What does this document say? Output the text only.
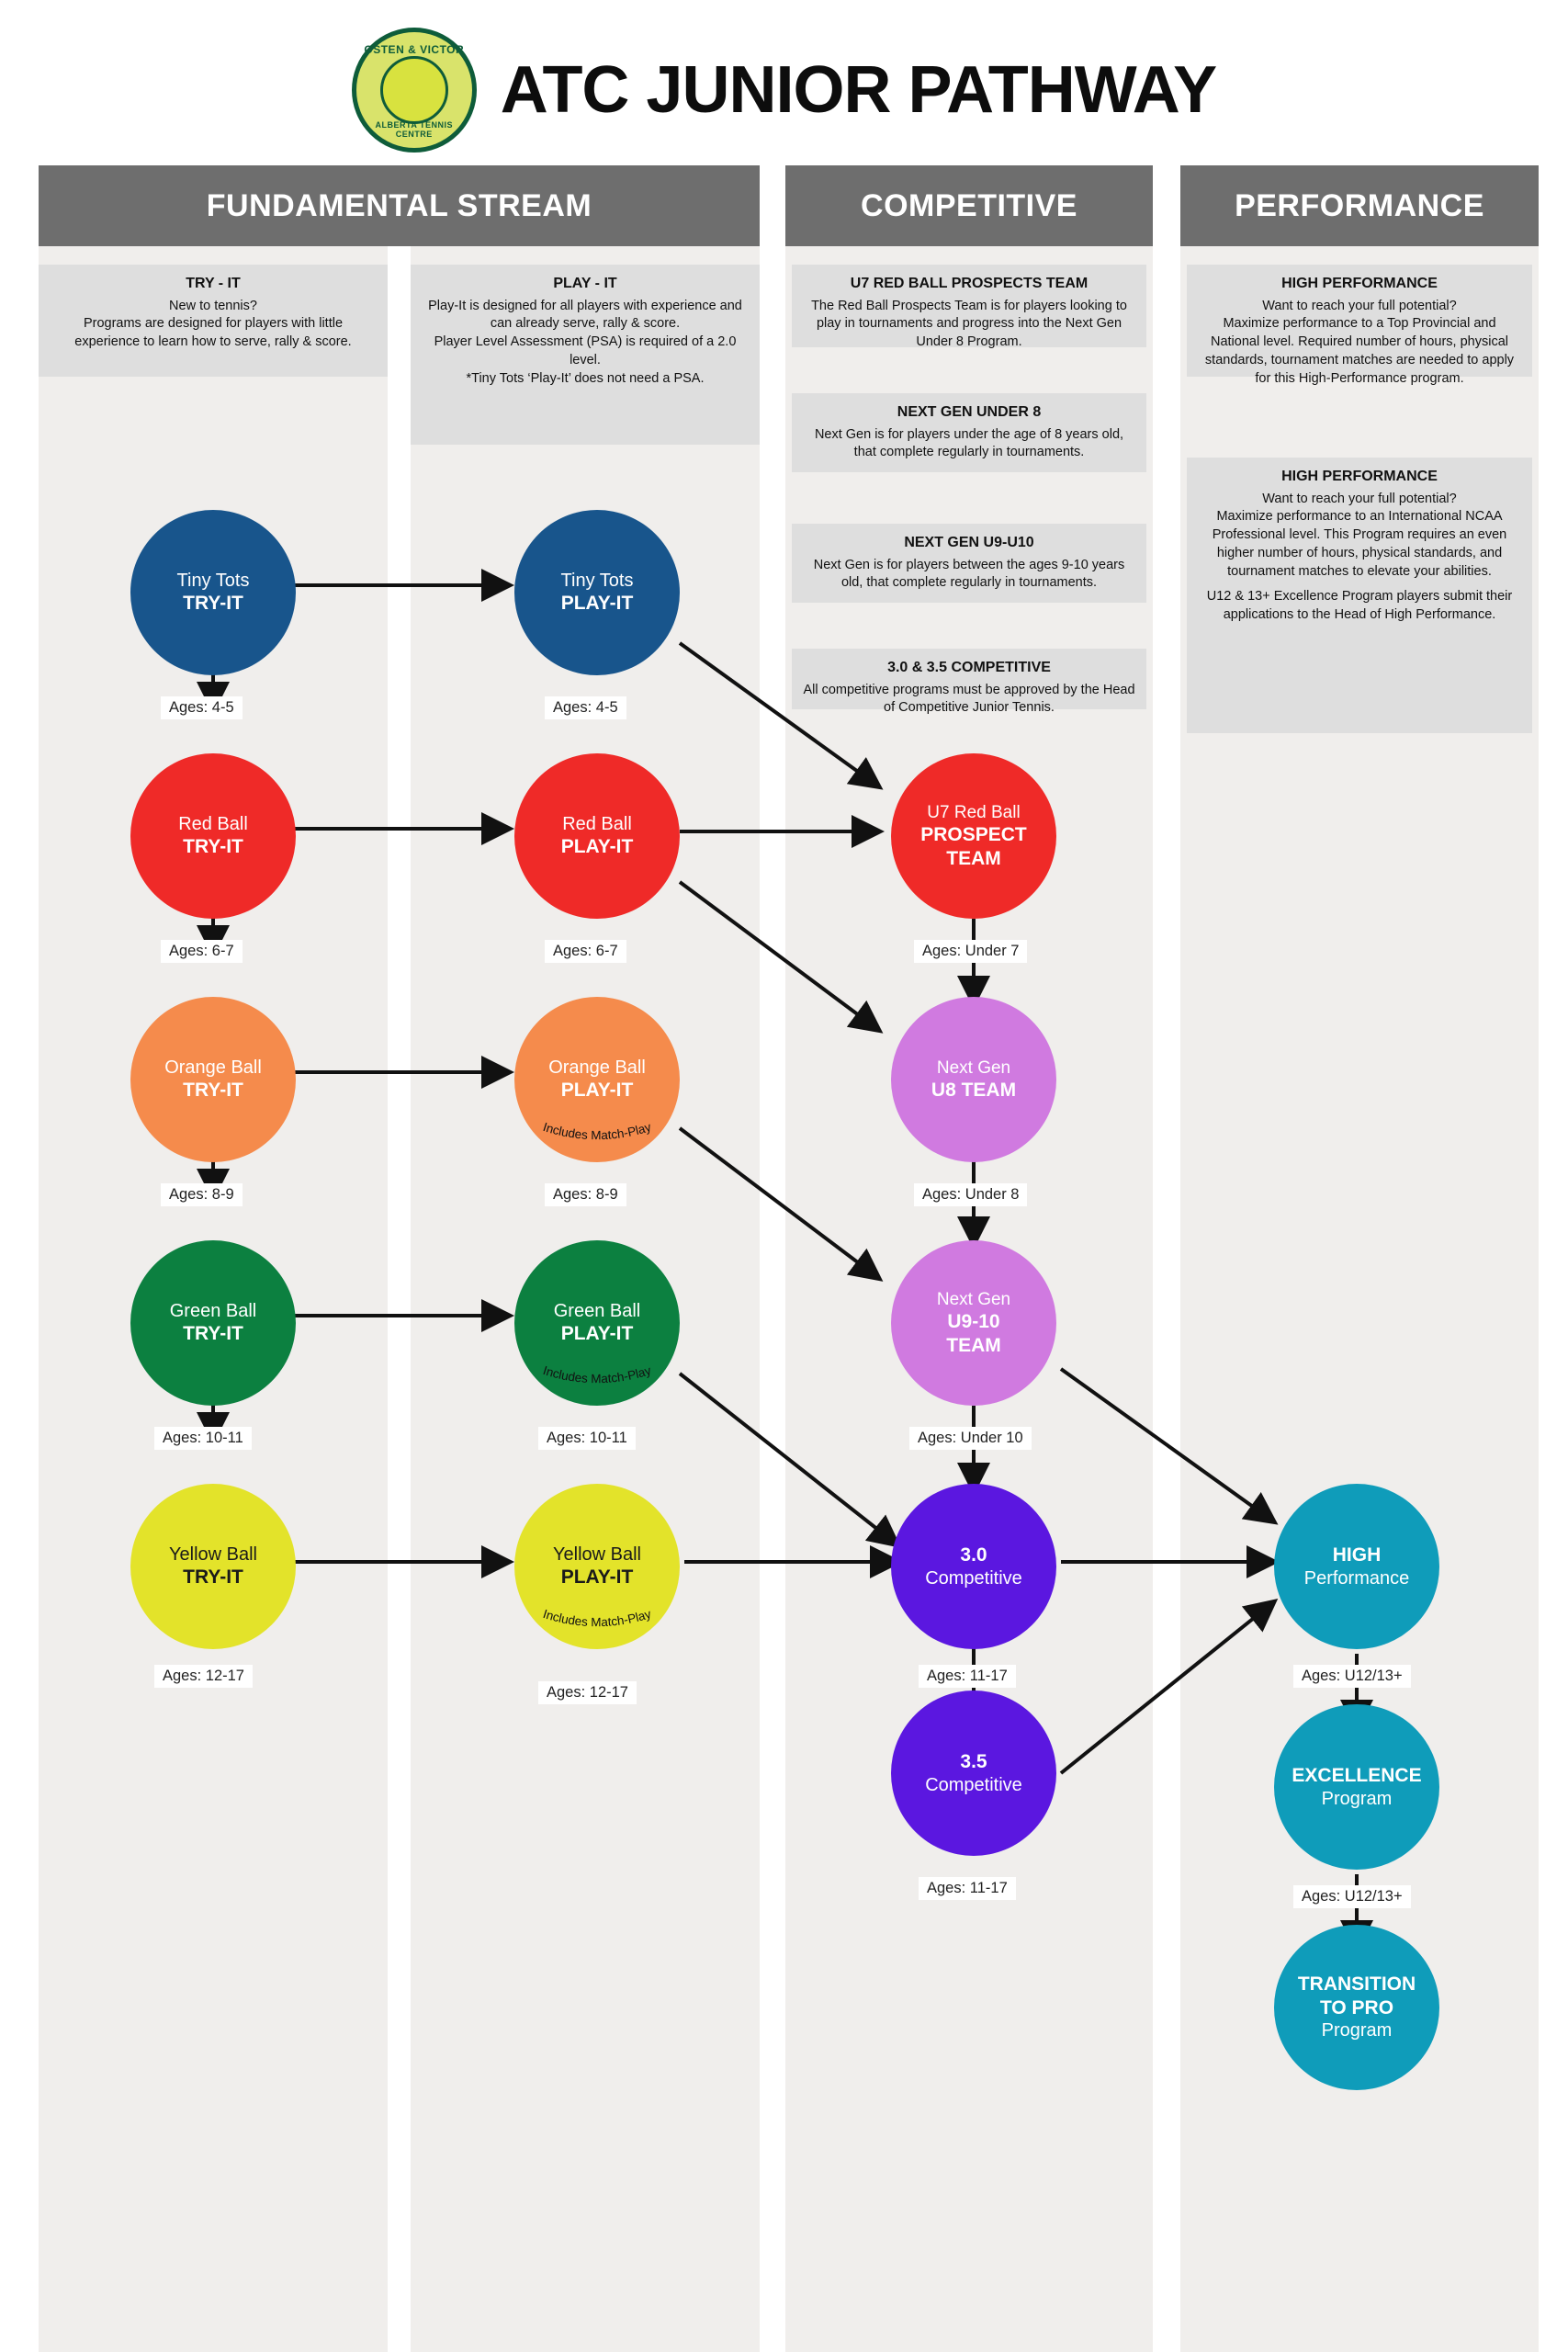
OSTEN & VICTOR
ALBERTA TENNIS CENTRE
ATC JUNIOR PATHWAY
FUNDAMENTAL STREAM	COMPETITIVE	PERFORMANCE
TRY - IT

New to tennis?
Programs are designed for players with little experience to learn how to serve, rally & score.

PLAY - IT

Play-It is designed for all players with experience and can already serve, rally & score.
Player Level Assessment (PSA) is required of a 2.0 level.
*Tiny Tots ‘Play-It’ does not need a PSA.

U7 RED BALL PROSPECTS TEAM

The Red Ball Prospects Team is for players looking to play in tournaments and progress into the Next Gen Under 8 Program.

NEXT GEN UNDER 8

Next Gen is for players under the age of 8 years old, that complete regularly in tournaments.

NEXT GEN U9-U10

Next Gen is for players between the ages 9-10 years old, that complete regularly in tournaments.

3.0 & 3.5 COMPETITIVE

All competitive programs must be approved by the Head of Competitive Junior Tennis.

HIGH PERFORMANCE

Want to reach your full potential?
Maximize performance to a Top Provincial and National level. Required number of hours, physical standards, tournament matches are needed to apply for this High-Performance program.

HIGH PERFORMANCE

Want to reach your full potential?
Maximize performance to an International NCAA Professional level. This Program requires an even higher number of hours, physical standards, and tournament matches to elevate your abilities.

U12 & 13+ Excellence Program players submit their applications to the Head of High Performance.
Tiny Tots
TRY-IT
Ages: 4-5
Red Ball
TRY-IT
Ages: 6-7
Orange Ball
TRY-IT
Ages: 8-9
Green Ball
TRY-IT
Ages: 10-11
Yellow Ball
TRY-IT
Ages: 12-17
Tiny Tots
PLAY-IT
Ages: 4-5
Red Ball
PLAY-IT
Ages: 6-7
Orange Ball
PLAY-IT
Includes Match-Play
Ages: 8-9
Green Ball
PLAY-IT
Includes Match-Play
Ages: 10-11
Yellow Ball
PLAY-IT
Includes Match-Play
Ages: 12-17
U7 Red Ball
PROSPECT
TEAM
Ages: Under 7
Next Gen
U8 TEAM
Ages: Under 8
Next Gen
U9-10
TEAM
Ages: Under 10
3.0
Competitive
Ages: 11-17
3.5
Competitive
Ages: 11-17
HIGH
Performance
Ages: U12/13+
EXCELLENCE
Program
Ages: U12/13+
TRANSITION
TO PRO
Program
